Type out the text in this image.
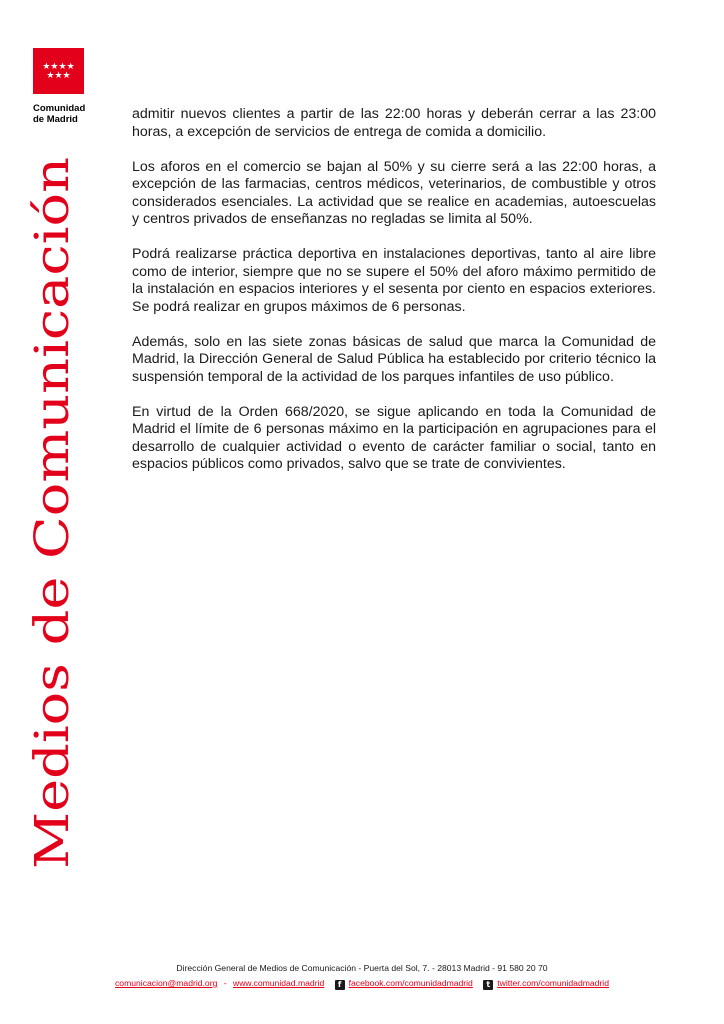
★★★★
★★★
Comunidad
de Madrid
Medios de Comunicación

admitir nuevos clientes a partir de las 22:00 horas y deberán cerrar a las 23:00 horas, a excepción de servicios de entrega de comida a domicilio.

Los aforos en el comercio se bajan al 50% y su cierre será a las 22:00 horas, a excepción de las farmacias, centros médicos, veterinarios, de combustible y otros considerados esenciales. La actividad que se realice en academias, autoescuelas y centros privados de enseñanzas no regladas se limita al 50%.

Podrá realizarse práctica deportiva en instalaciones deportivas, tanto al aire libre como de interior, siempre que no se supere el 50% del aforo máximo permitido de la instalación en espacios interiores y el sesenta por ciento en espacios exteriores. Se podrá realizar en grupos máximos de 6 personas.

Además, solo en las siete zonas básicas de salud que marca la Comunidad de Madrid, la Dirección General de Salud Pública ha establecido por criterio técnico la suspensión temporal de la actividad de los parques infantiles de uso público.

En virtud de la Orden 668/2020, se sigue aplicando en toda la Comunidad de Madrid el límite de 6 personas máximo en la participación en agrupaciones para el desarrollo de cualquier actividad o evento de carácter familiar o social, tanto en espacios públicos como privados, salvo que se trate de convivientes.

Dirección General de Medios de Comunicación - Puerta del Sol, 7. - 28013 Madrid - 91 580 20 70
comunicacion@madrid.org - www.comunidad.madrid f facebook.com/comunidadmadrid t twitter.com/comunidadmadrid
